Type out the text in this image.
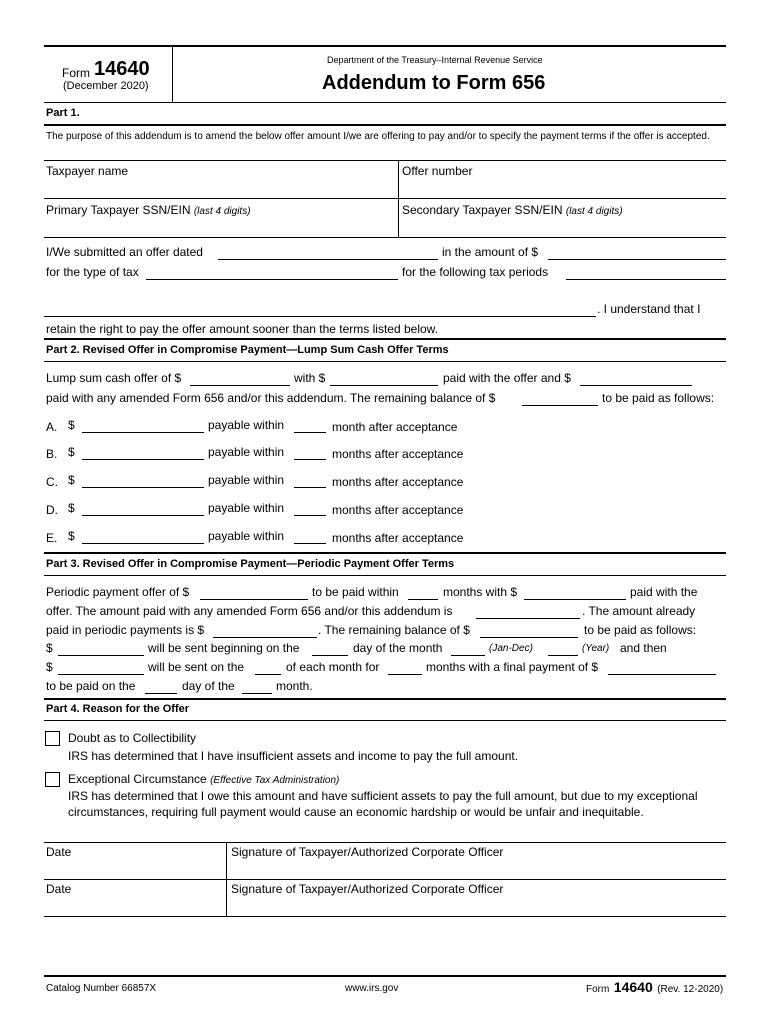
Form 14640
(December 2020)
Department of the Treasury–Internal Revenue Service
Addendum to Form 656
Part 1.
The purpose of this addendum is to amend the below offer amount I/we are offering to pay and/or to specify the payment terms if the offer is accepted.
Taxpayer name	Offer number
Primary Taxpayer SSN/EIN (last 4 digits)	Secondary Taxpayer SSN/EIN (last 4 digits)
I/We submitted an offer dated	in the amount of $
for the type of tax	for the following tax periods
. I understand that I
retain the right to pay the offer amount sooner than the terms listed below.
Part 2. Revised Offer in Compromise Payment—Lump Sum Cash Offer Terms
Lump sum cash offer of $	with $	paid with the offer and $
paid with any amended Form 656 and/or this addendum. The remaining balance of $	to be paid as follows:
A. $	payable within	month after acceptance
B. $	payable within	months after acceptance
C. $	payable within	months after acceptance
D. $	payable within	months after acceptance
E. $	payable within	months after acceptance
Part 3. Revised Offer in Compromise Payment—Periodic Payment Offer Terms
Periodic payment offer of $	to be paid within	months with $	paid with the
offer. The amount paid with any amended Form 656 and/or this addendum is	. The amount already
paid in periodic payments is $	. The remaining balance of $	to be paid as follows:
$	will be sent beginning on the	day of the month	(Jan-Dec)	(Year) and then
$	will be sent on the	of each month for	months with a final payment of $
to be paid on the	day of the	month.
Part 4. Reason for the Offer
Doubt as to Collectibility
IRS has determined that I have insufficient assets and income to pay the full amount.
Exceptional Circumstance (Effective Tax Administration)
IRS has determined that I owe this amount and have sufficient assets to pay the full amount, but due to my exceptional circumstances, requiring full payment would cause an economic hardship or would be unfair and inequitable.
Date	Signature of Taxpayer/Authorized Corporate Officer
Date	Signature of Taxpayer/Authorized Corporate Officer
Catalog Number 66857X	www.irs.gov	Form 14640 (Rev. 12-2020)
